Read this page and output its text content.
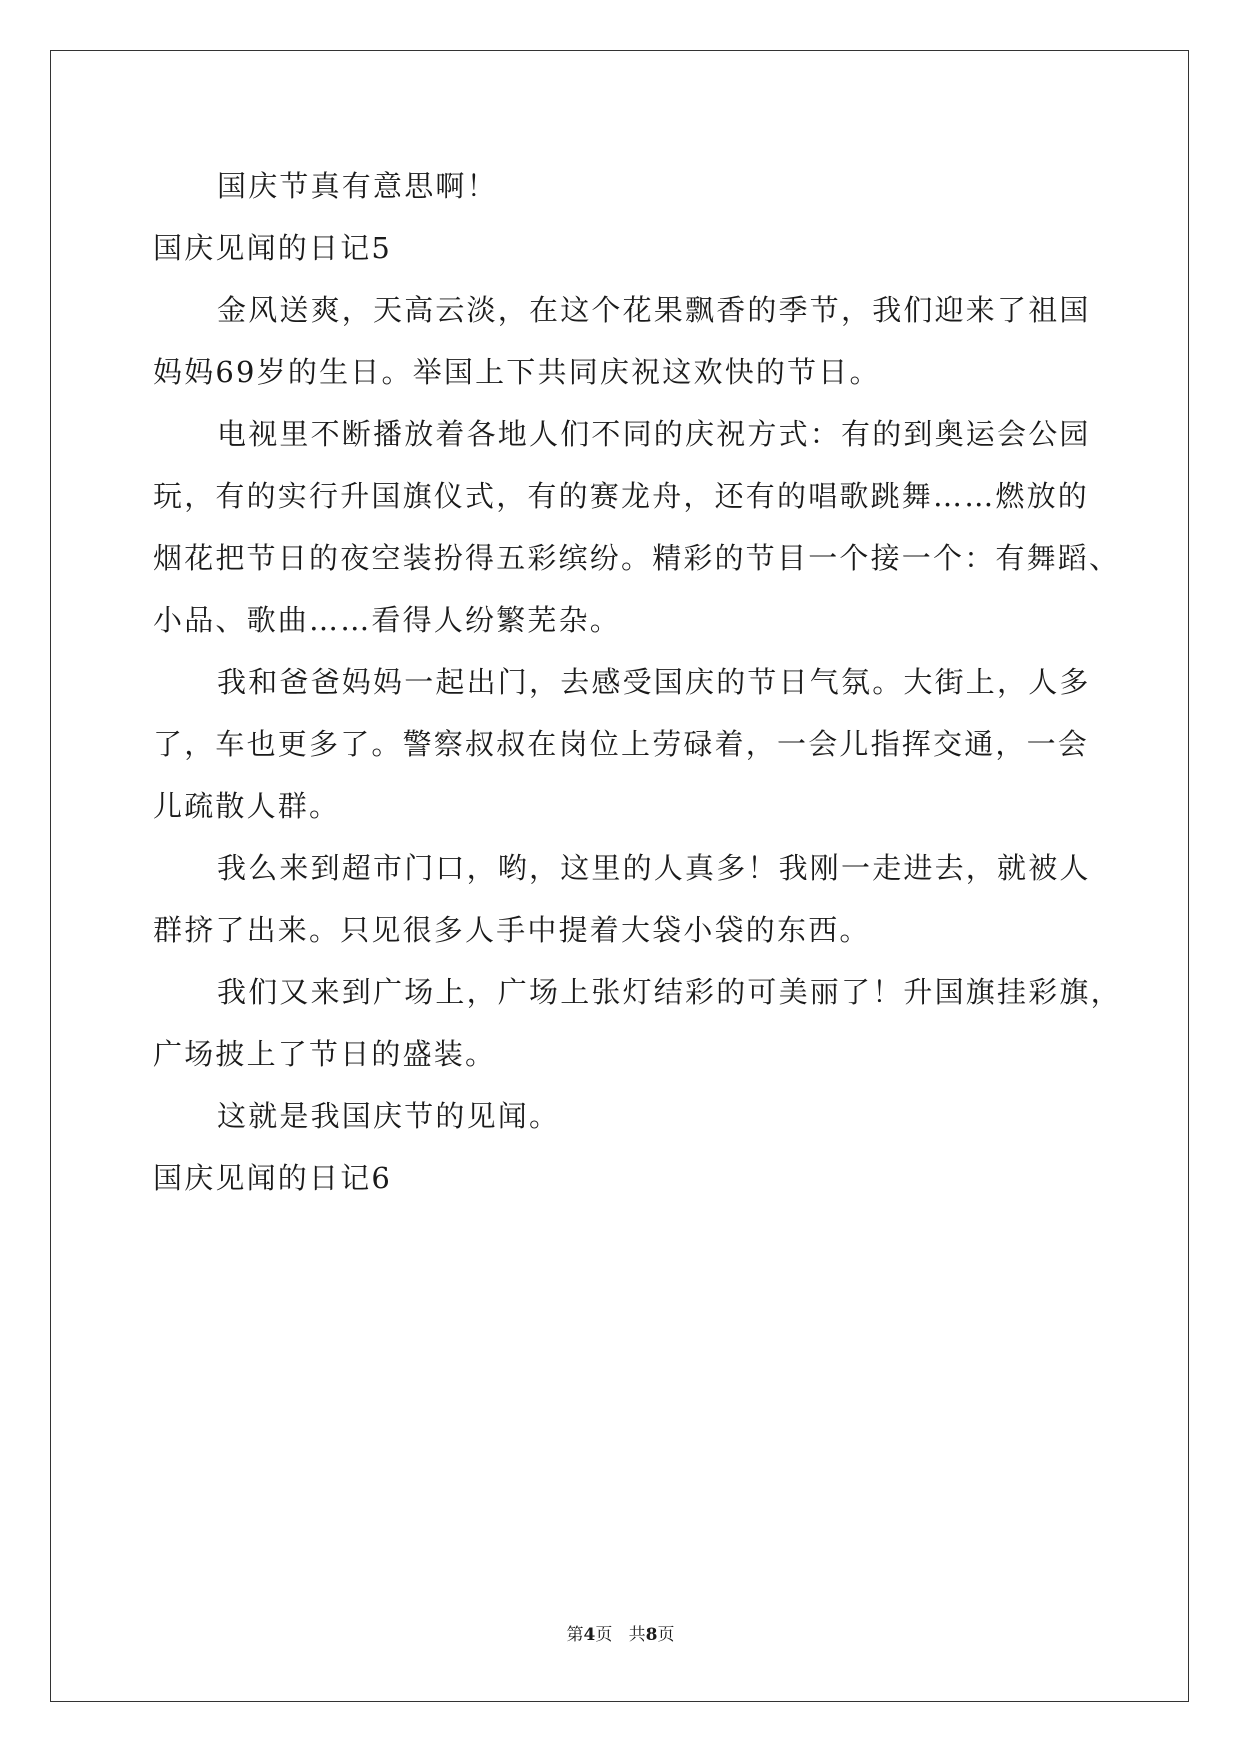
国庆节真有意思啊！
国庆见闻的日记5
金风送爽，天高云淡，在这个花果飘香的季节，我们迎来了祖国
妈妈69岁的生日。举国上下共同庆祝这欢快的节日。
电视里不断播放着各地人们不同的庆祝方式：有的到奥运会公园
玩，有的实行升国旗仪式，有的赛龙舟，还有的唱歌跳舞……燃放的
烟花把节日的夜空装扮得五彩缤纷。精彩的节目一个接一个：有舞蹈、
小品、歌曲……看得人纷繁芜杂。
我和爸爸妈妈一起出门，去感受国庆的节日气氛。大街上，人多
了，车也更多了。警察叔叔在岗位上劳碌着，一会儿指挥交通，一会
儿疏散人群。
我么来到超市门口，哟，这里的人真多！我刚一走进去，就被人
群挤了出来。只见很多人手中提着大袋小袋的东西。
我们又来到广场上，广场上张灯结彩的可美丽了！升国旗挂彩旗，
广场披上了节日的盛装。
这就是我国庆节的见闻。
国庆见闻的日记6
第4页   共8页
